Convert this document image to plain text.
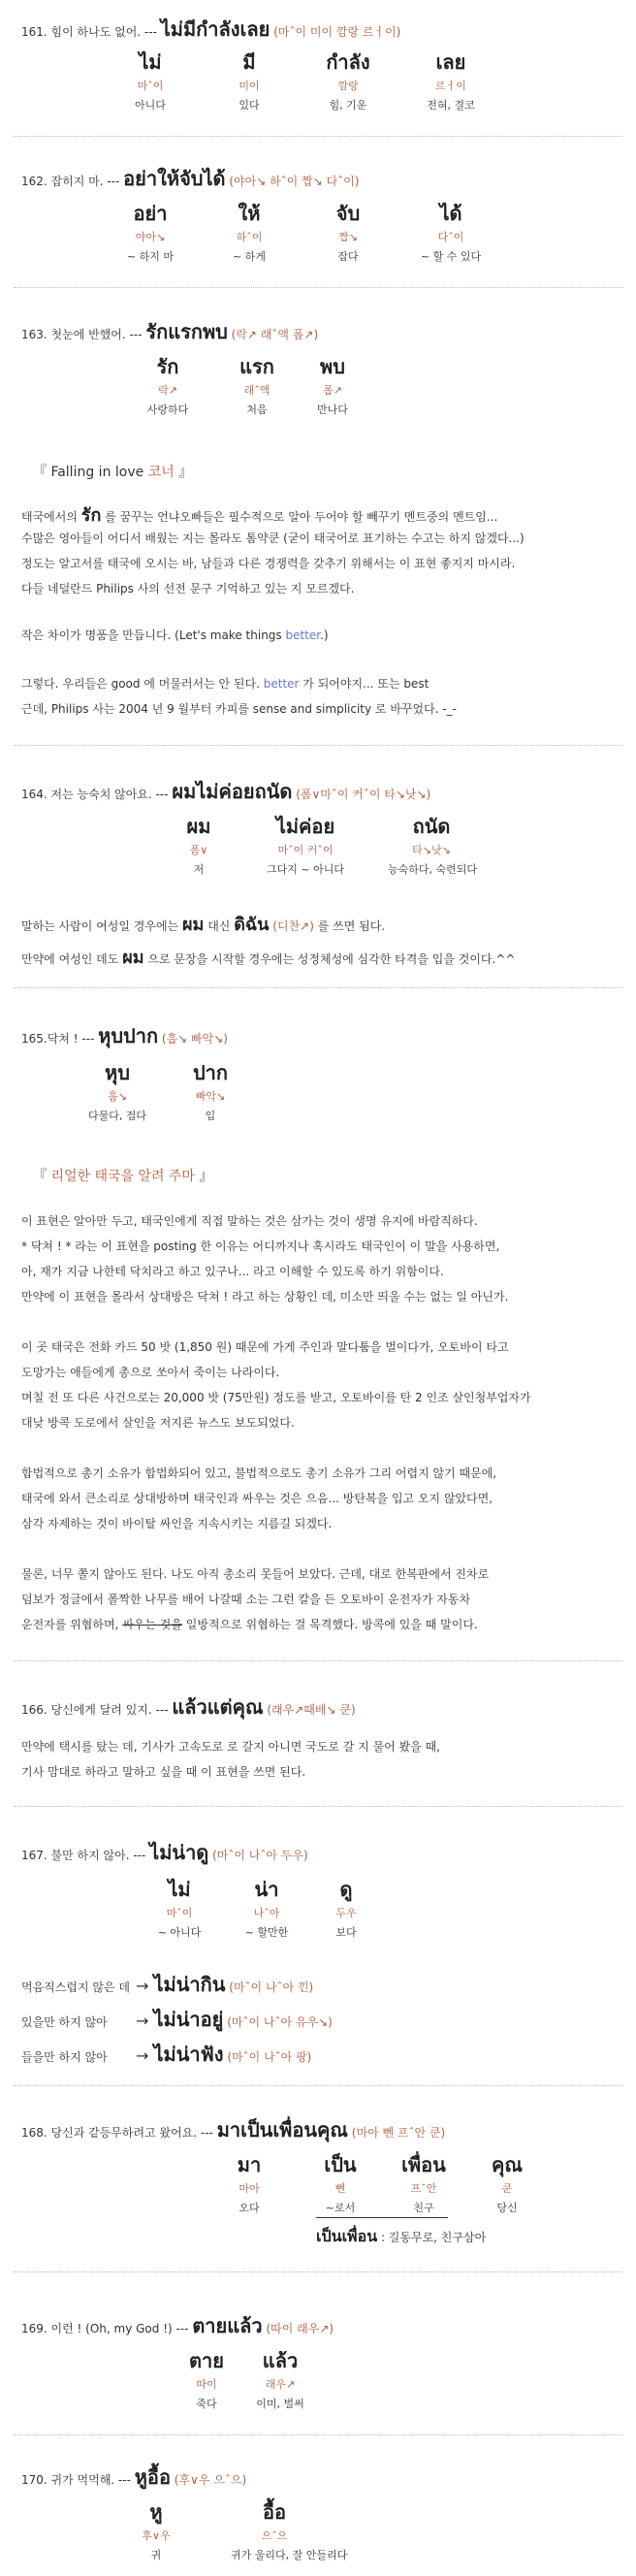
161. 힘이 하나도 없어. --- ไม่มีกำลังเลย (마ˆ이 미이 깜랑 르ㅓ이)
ไม่	มี	กำลัง	เลย
마ˆ이	미이	깜랑	르ㅓ이
아니다	있다	힘, 기운	전혀, 결코
162. 잡히지 마. --- อย่าให้จับได้ (야아↘ 하ˆ이 짭↘ 다ˆ이)
อย่า	ให้	จับ	ได้
야아↘	하ˆ이	짭↘	다ˆ이
~ 하지 마	~ 하게	잡다	~ 할 수 있다
163. 첫눈에 반했어. --- รักแรกพบ (락↗ 래ˆ액 폽↗)
รัก	แรก	พบ
락↗	래ˆ액	폽↗
사랑하다	처음	만나다
『 Falling in love 코너 』
태국에서의 รัก 를 꿈꾸는 언냐오빠들은 필수적으로 알아 두어야 할 빼꾸기 멘트중의 멘트임...
수많은 영아들이 어디서 배웠는 지는 몰라도 톰약쿤 (굳이 태국어로 표기하는 수고는 하지 않겠다...)
정도는 알고서를 태국에 오시는 바, 남들과 다른 경쟁력을 갖추기 위해서는 이 표현 좋지지 마시라.
다들 네덜란드 Philips 사의 선전 문구 기억하고 있는 지 모르겠다.
작은 차이가 명품을 만듭니다. (Let's make things better.)
그렇다. 우리들은 good 에 머물러서는 안 된다. better 가 되어야지... 또는 best
근데, Philips 사는 2004 년 9 월부터 카피를 sense and simplicity 로 바꾸었다. -_-
164. 저는 능숙치 않아요. --- ผมไม่ค่อยถนัด (폼∨마ˆ이 커ˆ이 타↘낫↘)
ผม	ไม่ค่อย	ถนัด
폼∨	마ˆ이 커ˆ이	타↘낫↘
저	그다지 ~ 아니다	능숙하다, 숙련되다
말하는 사람이 여성일 경우에는 ผม 대신 ดิฉัน (디찬↗) 를 쓰면 됨다.
만약에 여성인 데도 ผม 으로 문장을 시작할 경우에는 성정체성에 심각한 타격을 입을 것이다.^^
165.닥쳐 ! --- หุบปาก (훕↘ 빠악↘)
หุบ	ปาก
훕↘	빠악↘
다물다, 접다	입
『 리얼한 태국을 알려 주마 』
이 표현은 알아만 두고, 태국인에게 직접 말하는 것은 삼가는 것이 생명 유지에 바람직하다.
* 닥쳐 ! * 라는 이 표현을 posting 한 이유는 어디까지나 혹시라도 태국인이 이 말을 사용하면,
아, 재가 지금 나한테 닥치라고 하고 있구나... 라고 이해할 수 있도록 하기 위함이다.
만약에 이 표현을 몰라서 상대방은 닥쳐 ! 라고 하는 상황인 데, 미소만 띄울 수는 없는 일 아닌가.
이 곳 태국은 전화 카드 50 밧 (1,850 원) 때문에 가게 주인과 말다툼을 벌이다가, 오토바이 타고
도망가는 애들에게 총으로 쏘아서 죽이는 나라이다.
며칠 전 또 다른 사건으로는 20,000 밧 (75만원) 정도를 받고, 오토바이를 탄 2 인조 살인청부업자가
대낮 방콕 도로에서 살인을 저지른 뉴스도 보도되었다.
합법적으로 총기 소유가 합법화되어 있고, 불법적으로도 총기 소유가 그리 어렵지 않기 때문에,
태국에 와서 큰소리로 상대방하며 태국인과 싸우는 것은 으음... 방탄복을 입고 오지 않았다면,
삼각 자제하는 것이 바이탈 싸인을 지속시키는 지름길 되겠다.
물론, 너무 쫄지 않아도 된다. 나도 아직 총소리 못들어 보았다. 근데, 대로 한복판에서 진차로
덤보가 정글에서 폴짝한 나무를 배어 나갈때 소는 그런 칼을 든 오토바이 운전자가 자동차
운전자를 위협하며, 싸우는 것을 일방적으로 위협하는 걸 목격했다. 방콕에 있을 때 말이다.
166. 당신에게 달려 있지. --- แล้วแต่คุณ (래우↗때배↘ 쿤)
만약에 택시를 탔는 데, 기사가 고속도로 로 갈지 아니면 국도로 갈 지 물어 봤을 때,
기사 맘대로 하라고 말하고 싶을 때 이 표현을 쓰면 된다.
167. 불만 하지 않아. --- ไม่น่าดู (마ˆ이 나ˆ아 두우)
ไม่	น่า	ดู
마ˆ이	나ˆ아	두우
~ 아니다	~ 할만한	보다
먹음직스럽지 않은 데 → ไม่น่ากิน (마ˆ이 나ˆ아 낀)
있을만 하지 않아 → ไม่น่าอยู่ (마ˆ이 나ˆ아 유우↘)
들을만 하지 않아 → ไม่น่าฟัง (마ˆ이 나ˆ아 팡)
168. 당신과 같등무하려고 왔어요. --- มาเป็นเพื่อนคุณ (마아 뻰 프ˆ안 쿤)
มา	เป็น	เพื่อน	คุณ
마아	뻰	프ˆ안	쿤
오다	~로서	친구	당신
เป็นเพื่อน : 길동무로, 친구삼아
169. 이런 ! (Oh, my God !) --- ตายแล้ว (따이 래우↗)
ตาย	แล้ว
따이	래우↗
죽다	이미, 벌써
170. 귀가 먹먹해. --- หูอื้อ (후∨우 으ˆ으)
หู	อื้อ
후∨우	으ˆ으
귀	귀가 울리다, 잘 안들리다
